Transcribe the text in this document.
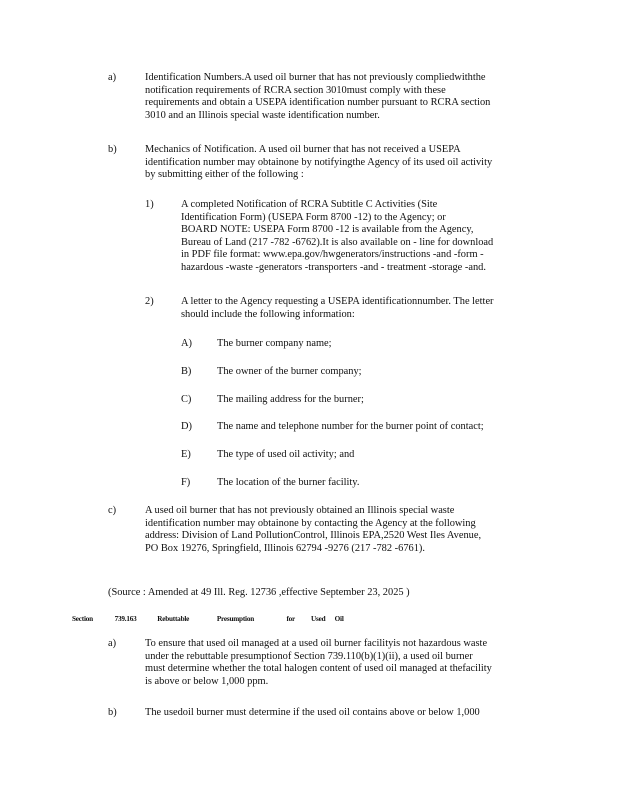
a)	Identification Numbers.A used oil burner that has not previously compliedwiththe
notification requirements of RCRA section 3010must comply with these
requirements and obtain a USEPA identification number pursuant to RCRA section
3010 and an Illinois special waste identification number.
b)	Mechanics of Notification. A used oil burner that has not received a USEPA
identification number may obtainone by notifyingthe Agency of its used oil activity
by submitting either of the following :
1)	A completed Notification of RCRA Subtitle C Activities (Site
Identification Form) (USEPA Form 8700 -12) to the Agency; or
BOARD NOTE: USEPA Form 8700 -12 is available from the Agency,
Bureau of Land (217 -782 -6762).It is also available on - line for download
in PDF file format: www.epa.gov/hwgenerators/instructions -and -form -
hazardous -waste -generators -transporters -and - treatment -storage -and.
2)	A letter to the Agency requesting a USEPA identificationnumber. The letter
should include the following information:
A) The burner company name;
B) The owner of the burner company;
C) The mailing address for the burner;
D) The name and telephone number for the burner point of contact;
E)	The type of used oil activity; and
F)	The location of the burner facility.
c)	A used oil burner that has not previously obtained an Illinois special waste
identification number may obtainone by contacting the Agency at the following
address: Division of Land PollutionControl, Illinois EPA,2520 West Iles Avenue,
PO Box 19276, Springfield, Illinois 62794 -9276 (217 -782 -6761).
(Source : Amended at 49 Ill. Reg. 12736 ,effective September 23, 2025 )
Section	739.163	Rebuttable	Presumption	for Used Oil
a)	To ensure that used oil managed at a used oil burner facilityis not hazardous waste
under the rebuttable presumptionof Section 739.110(b)(1)(ii), a used oil burner
must determine whether the total halogen content of used oil managed at thefacility
is above or below 1,000 ppm.
b)	The usedoil burner must determine if the used oil contains above or below 1,000
